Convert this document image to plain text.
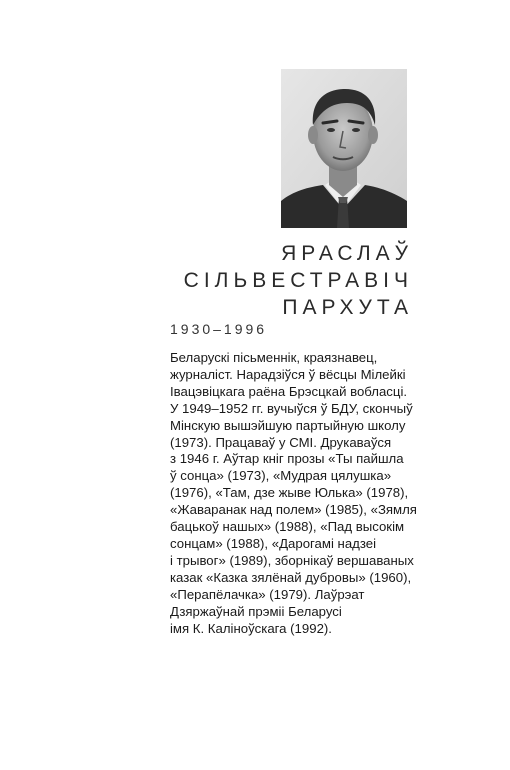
ЯРАСЛАЎ
СІЛЬВЕСТРАВІЧ
ПАРХУТА
1930–1996
Беларускі пісьменнік, краязнавец,
журналіст. Нарадзіўся ў вёсцы Мілейкі
Івацэвіцкага раёна Брэсцкай вобласці.
У 1949–1952 гг. вучыўся ў БДУ, скончыў
Мінскую вышэйшую партыйную школу
(1973). Працаваў у СМІ. Друкаваўся
з 1946 г. Аўтар кніг прозы «Ты пайшла
ў сонца» (1973), «Мудрая цялушка»
(1976), «Там, дзе жыве Юлька» (1978),
«Жаваранак над полем» (1985), «Зямля
бацькоў нашых» (1988), «Пад высокім
сонцам» (1988), «Дарогамі надзеі
і трывог» (1989), зборнікаў вершаваных
казак «Казка зялёнай дубровы» (1960),
«Перапёлачка» (1979). Лаўрэат
Дзяржаўнай прэміі Беларусі
імя К. Каліноўскага (1992).
